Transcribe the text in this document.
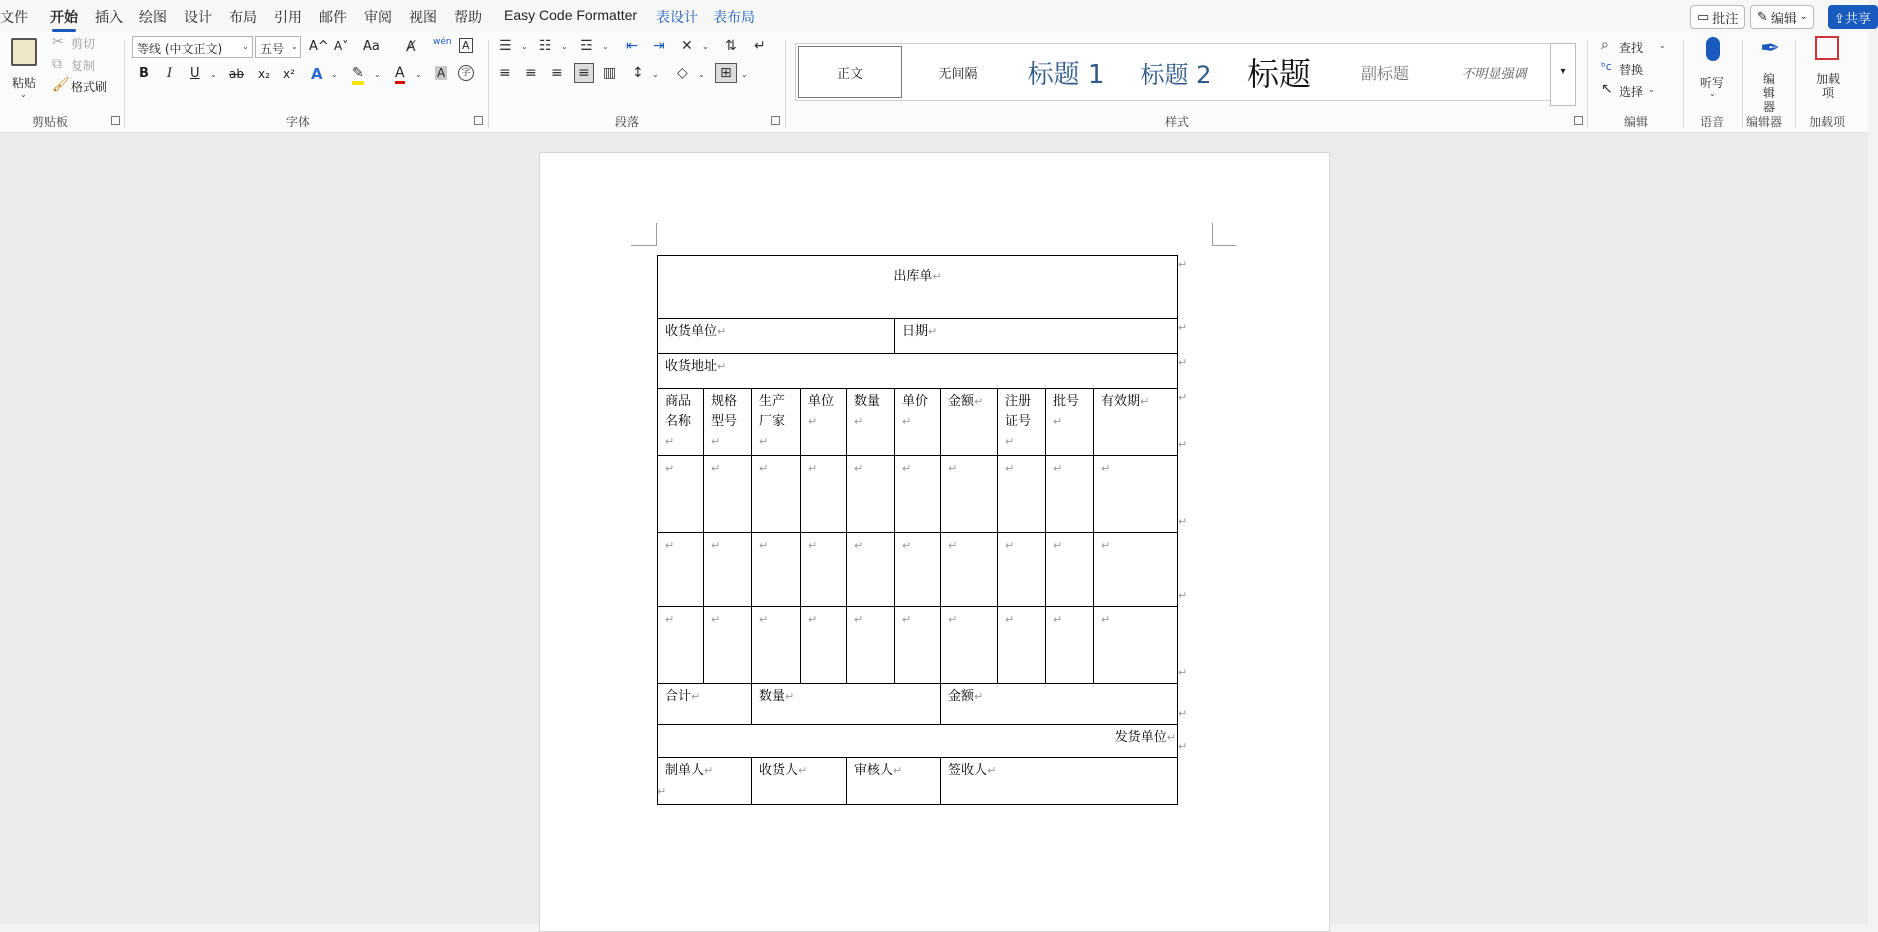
文件 开始 插入 绘图 设计 布局 引用 邮件 审阅 视图 帮助 Easy Code Formatter 表设计 表布局	▭ 批注 ✎ 编辑 ⌄	⇪共享
粘贴
⌄
✂ 剪切
⧉ 复制
🖌 格式刷
剪贴板
等线 (中文正文)	⌄ 五号 ⌄ A^ A˅ Aa Ⱥ wén A
B I U ⌄ ab x₂ x² A ⌄ ✎ ⌄ A ⌄ A	字
字体
☰ ⌄ ☷ ⌄ ☲ ⌄ ⇤ ⇥ ✕ ⌄ ⇅ ↵
≡ ≡ ≡ ≡ ▥ ↕ ⌄ ◇ ⌄	⊞	⌄
段落
正文	无间隔 标题 1 标题 2 标题	副标题	不明显强调	▾
样式
⌕ 查找 ⌄
ᵇc 替换
↖ 选择 ⌄
编辑
听写
⌄
语音
✒
编辑器
编辑器
加载项
加载项
出库单↵									
收货单位↵					日期↵				
收货地址↵									
商品名称↵	规格型号↵	生产厂家↵	单位↵	数量↵	单价↵	金额↵	注册证号↵	批号↵	有效期↵
↵	↵	↵	↵	↵	↵	↵	↵	↵	↵
↵	↵	↵	↵	↵	↵	↵	↵	↵	↵
↵	↵	↵	↵	↵	↵	↵	↵	↵	↵
合计↵		数量↵				金额↵			
发货单位↵									
制单人↵		收货人↵		审核人↵		签收人↵			
↵
↵
↵
↵
↵
↵
↵
↵
↵
↵
↵
